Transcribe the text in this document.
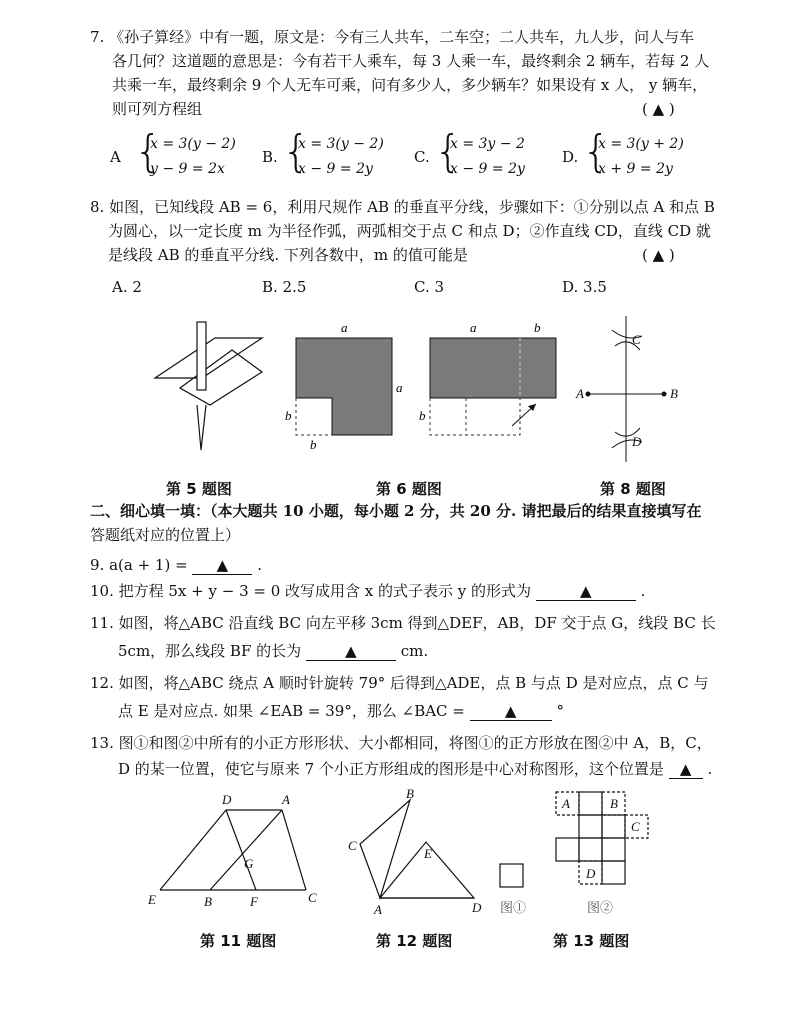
7. 《孙子算经》中有一题，原文是：今有三人共车，二车空；二人共车，九人步，问人与车
各几何？这道题的意思是：今有若干人乘车，每 3 人乘一车，最终剩余 2 辆车，若每 2 人
共乘一车，最终剩余 9 个人无车可乘，问有多少人，多少辆车？如果设有 x 人， y 辆车，
则可列方程组	( ▲ )
A {
x = 3(y − 2)
y − 9 = 2x
B. {
x = 3(y − 2)
x − 9 = 2y
C. {
x = 3y − 2
x − 9 = 2y
D. {
x = 3(y + 2)
x + 9 = 2y
8. 如图，已知线段 AB = 6，利用尺规作 AB 的垂直平分线，步骤如下：①分别以点 A 和点 B
为圆心，以一定长度 m 为半径作弧，两弧相交于点 C 和点 D；②作直线 CD，直线 CD 就
是线段 AB 的垂直平分线. 下列各数中，m 的值可能是	( ▲ )
A. 2	B. 2.5	C. 3	D. 3.5
a
a
b
b
a	b
b
A	B
C
D
第 5 题图	第 6 题图	第 8 题图
二、细心填一填：（本大题共 10 小题，每小题 2 分，共 20 分. 请把最后的结果直接填写在
答题纸对应的位置上）
9. a(a + 1) = ▲ .
10. 把方程 5x + y − 3 = 0 改写成用含 x 的式子表示 y 的形式为	▲	.
11. 如图，将△ABC 沿直线 BC 向左平移 3cm 得到△DEF，AB，DF 交于点 G，线段 BC 长
5cm，那么线段 BF 的长为	▲	cm.
12. 如图，将△ABC 绕点 A 顺时针旋转 79° 后得到△ADE，点 B 与点 D 是对应点，点 C 与
点 E 是对应点. 如果 ∠EAB = 39°，那么 ∠BAC =	▲	°
13. 图①和图②中所有的小正方形形状、大小都相同，将图①的正方形放在图②中 A，B，C，
D 的某一位置，使它与原来 7 个小正方形组成的图形是中心对称图形，这个位置是 ▲ .
D	A
G
E	B	F	C
B
C
E
A	D 图①
A	B
C
D
图②
第 11 题图	第 12 题图	第 13 题图
